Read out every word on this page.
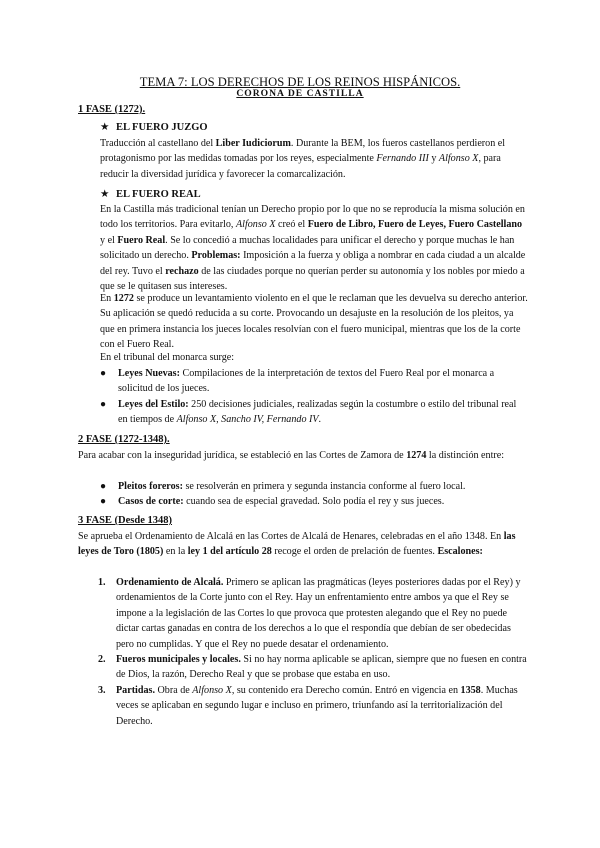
TEMA 7: LOS DERECHOS DE LOS REINOS HISPÁNICOS.
CORONA DE CASTILLA
1 FASE (1272).
★ EL FUERO JUZGO
Traducción al castellano del Liber Iudiciorum. Durante la BEM, los fueros castellanos perdieron el protagonismo por las medidas tomadas por los reyes, especialmente Fernando III y Alfonso X, para reducir la diversidad jurídica y favorecer la comarcalización.
★ EL FUERO REAL
En la Castilla más tradicional tenían un Derecho propio por lo que no se reproducía la misma solución en todo los territorios. Para evitarlo, Alfonso X creó el Fuero de Libro, Fuero de Leyes, Fuero Castellano y el Fuero Real. Se lo concedió a muchas localidades para unificar el derecho y porque muchas le han solicitado un derecho. Problemas: Imposición a la fuerza y obliga a nombrar en cada ciudad a un alcalde del rey. Tuvo el rechazo de las ciudades porque no querían perder su autonomía y los nobles por miedo a que se le quitasen sus intereses.
En 1272 se produce un levantamiento violento en el que le reclaman que les devuelva su derecho anterior. Su aplicación se quedó reducida a su corte. Provocando un desajuste en la resolución de los pleitos, ya que en primera instancia los jueces locales resolvían con el fuero municipal, mientras que los de la corte con el Fuero Real.
En el tribunal del monarca surge:
● Leyes Nuevas: Compilaciones de la interpretación de textos del Fuero Real por el monarca a solicitud de los jueces.
● Leyes del Estilo: 250 decisiones judiciales, realizadas según la costumbre o estilo del tribunal real en tiempos de Alfonso X, Sancho IV, Fernando IV.
2 FASE (1272-1348).
Para acabar con la inseguridad jurídica, se estableció en las Cortes de Zamora de 1274 la distinción entre:
● Pleitos foreros: se resolverán en primera y segunda instancia conforme al fuero local.
● Casos de corte: cuando sea de especial gravedad. Solo podía el rey y sus jueces.
3 FASE (Desde 1348)
Se aprueba el Ordenamiento de Alcalá en las Cortes de Alcalá de Henares, celebradas en el año 1348. En las leyes de Toro (1805) en la ley 1 del artículo 28 recoge el orden de prelación de fuentes. Escalones:
1. Ordenamiento de Alcalá. Primero se aplican las pragmáticas (leyes posteriores dadas por el Rey) y ordenamientos de la Corte junto con el Rey. Hay un enfrentamiento entre ambos ya que el Rey se impone a la legislación de las Cortes lo que provoca que protesten alegando que el Rey no puede dictar cartas ganadas en contra de los derechos a lo que el respondía que debían de ser obedecidas pero no cumplidas. Y que el Rey no puede desatar el ordenamiento.
2. Fueros municipales y locales. Si no hay norma aplicable se aplican, siempre que no fuesen en contra de Dios, la razón, Derecho Real y que se probase que estaba en uso.
3. Partidas. Obra de Alfonso X, su contenido era Derecho común. Entró en vigencia en 1358. Muchas veces se aplicaban en segundo lugar e incluso en primero, triunfando así la territorialización del Derecho.
